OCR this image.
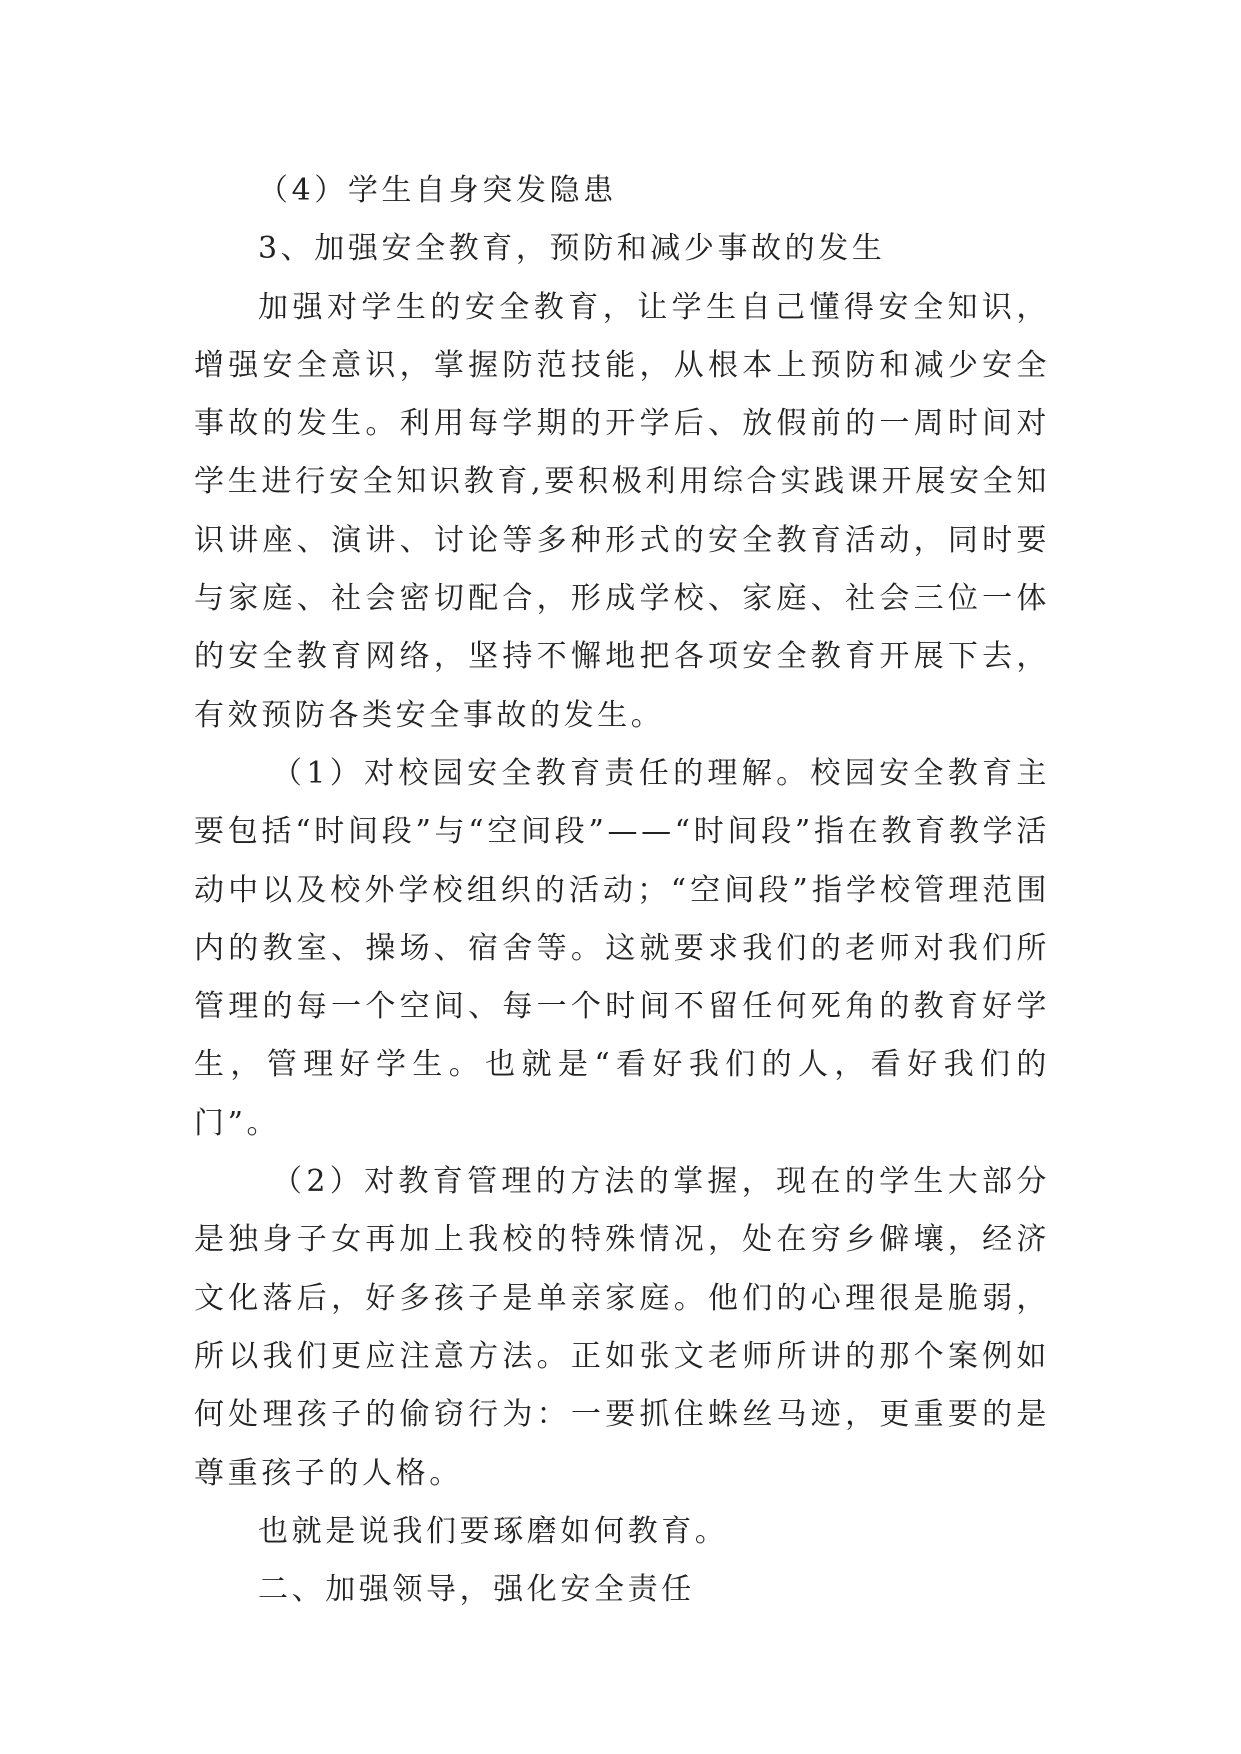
（4）学生自身突发隐患

3、加强安全教育，预防和减少事故的发生

加强对学生的安全教育，让学生自己懂得安全知识，增强安全意识，掌握防范技能，从根本上预防和减少安全事故的发生。利用每学期的开学后、放假前的一周时间对学生进行安全知识教育,要积极利用综合实践课开展安全知识讲座、演讲、讨论等多种形式的安全教育活动，同时要与家庭、社会密切配合，形成学校、家庭、社会三位一体的安全教育网络，坚持不懈地把各项安全教育开展下去，有效预防各类安全事故的发生。

（1）对校园安全教育责任的理解。校园安全教育主要包括“时间段”与“空间段”——“时间段”指在教育教学活动中以及校外学校组织的活动；“空间段”指学校管理范围内的教室、操场、宿舍等。这就要求我们的老师对我们所管理的每一个空间、每一个时间不留任何死角的教育好学生，管理好学生。也就是“看好我们的人，看好我们的门”。

（2）对教育管理的方法的掌握，现在的学生大部分是独身子女再加上我校的特殊情况，处在穷乡僻壤，经济文化落后，好多孩子是单亲家庭。他们的心理很是脆弱，所以我们更应注意方法。正如张文老师所讲的那个案例如何处理孩子的偷窃行为：一要抓住蛛丝马迹，更重要的是尊重孩子的人格。

也就是说我们要琢磨如何教育。

二、加强领导，强化安全责任
